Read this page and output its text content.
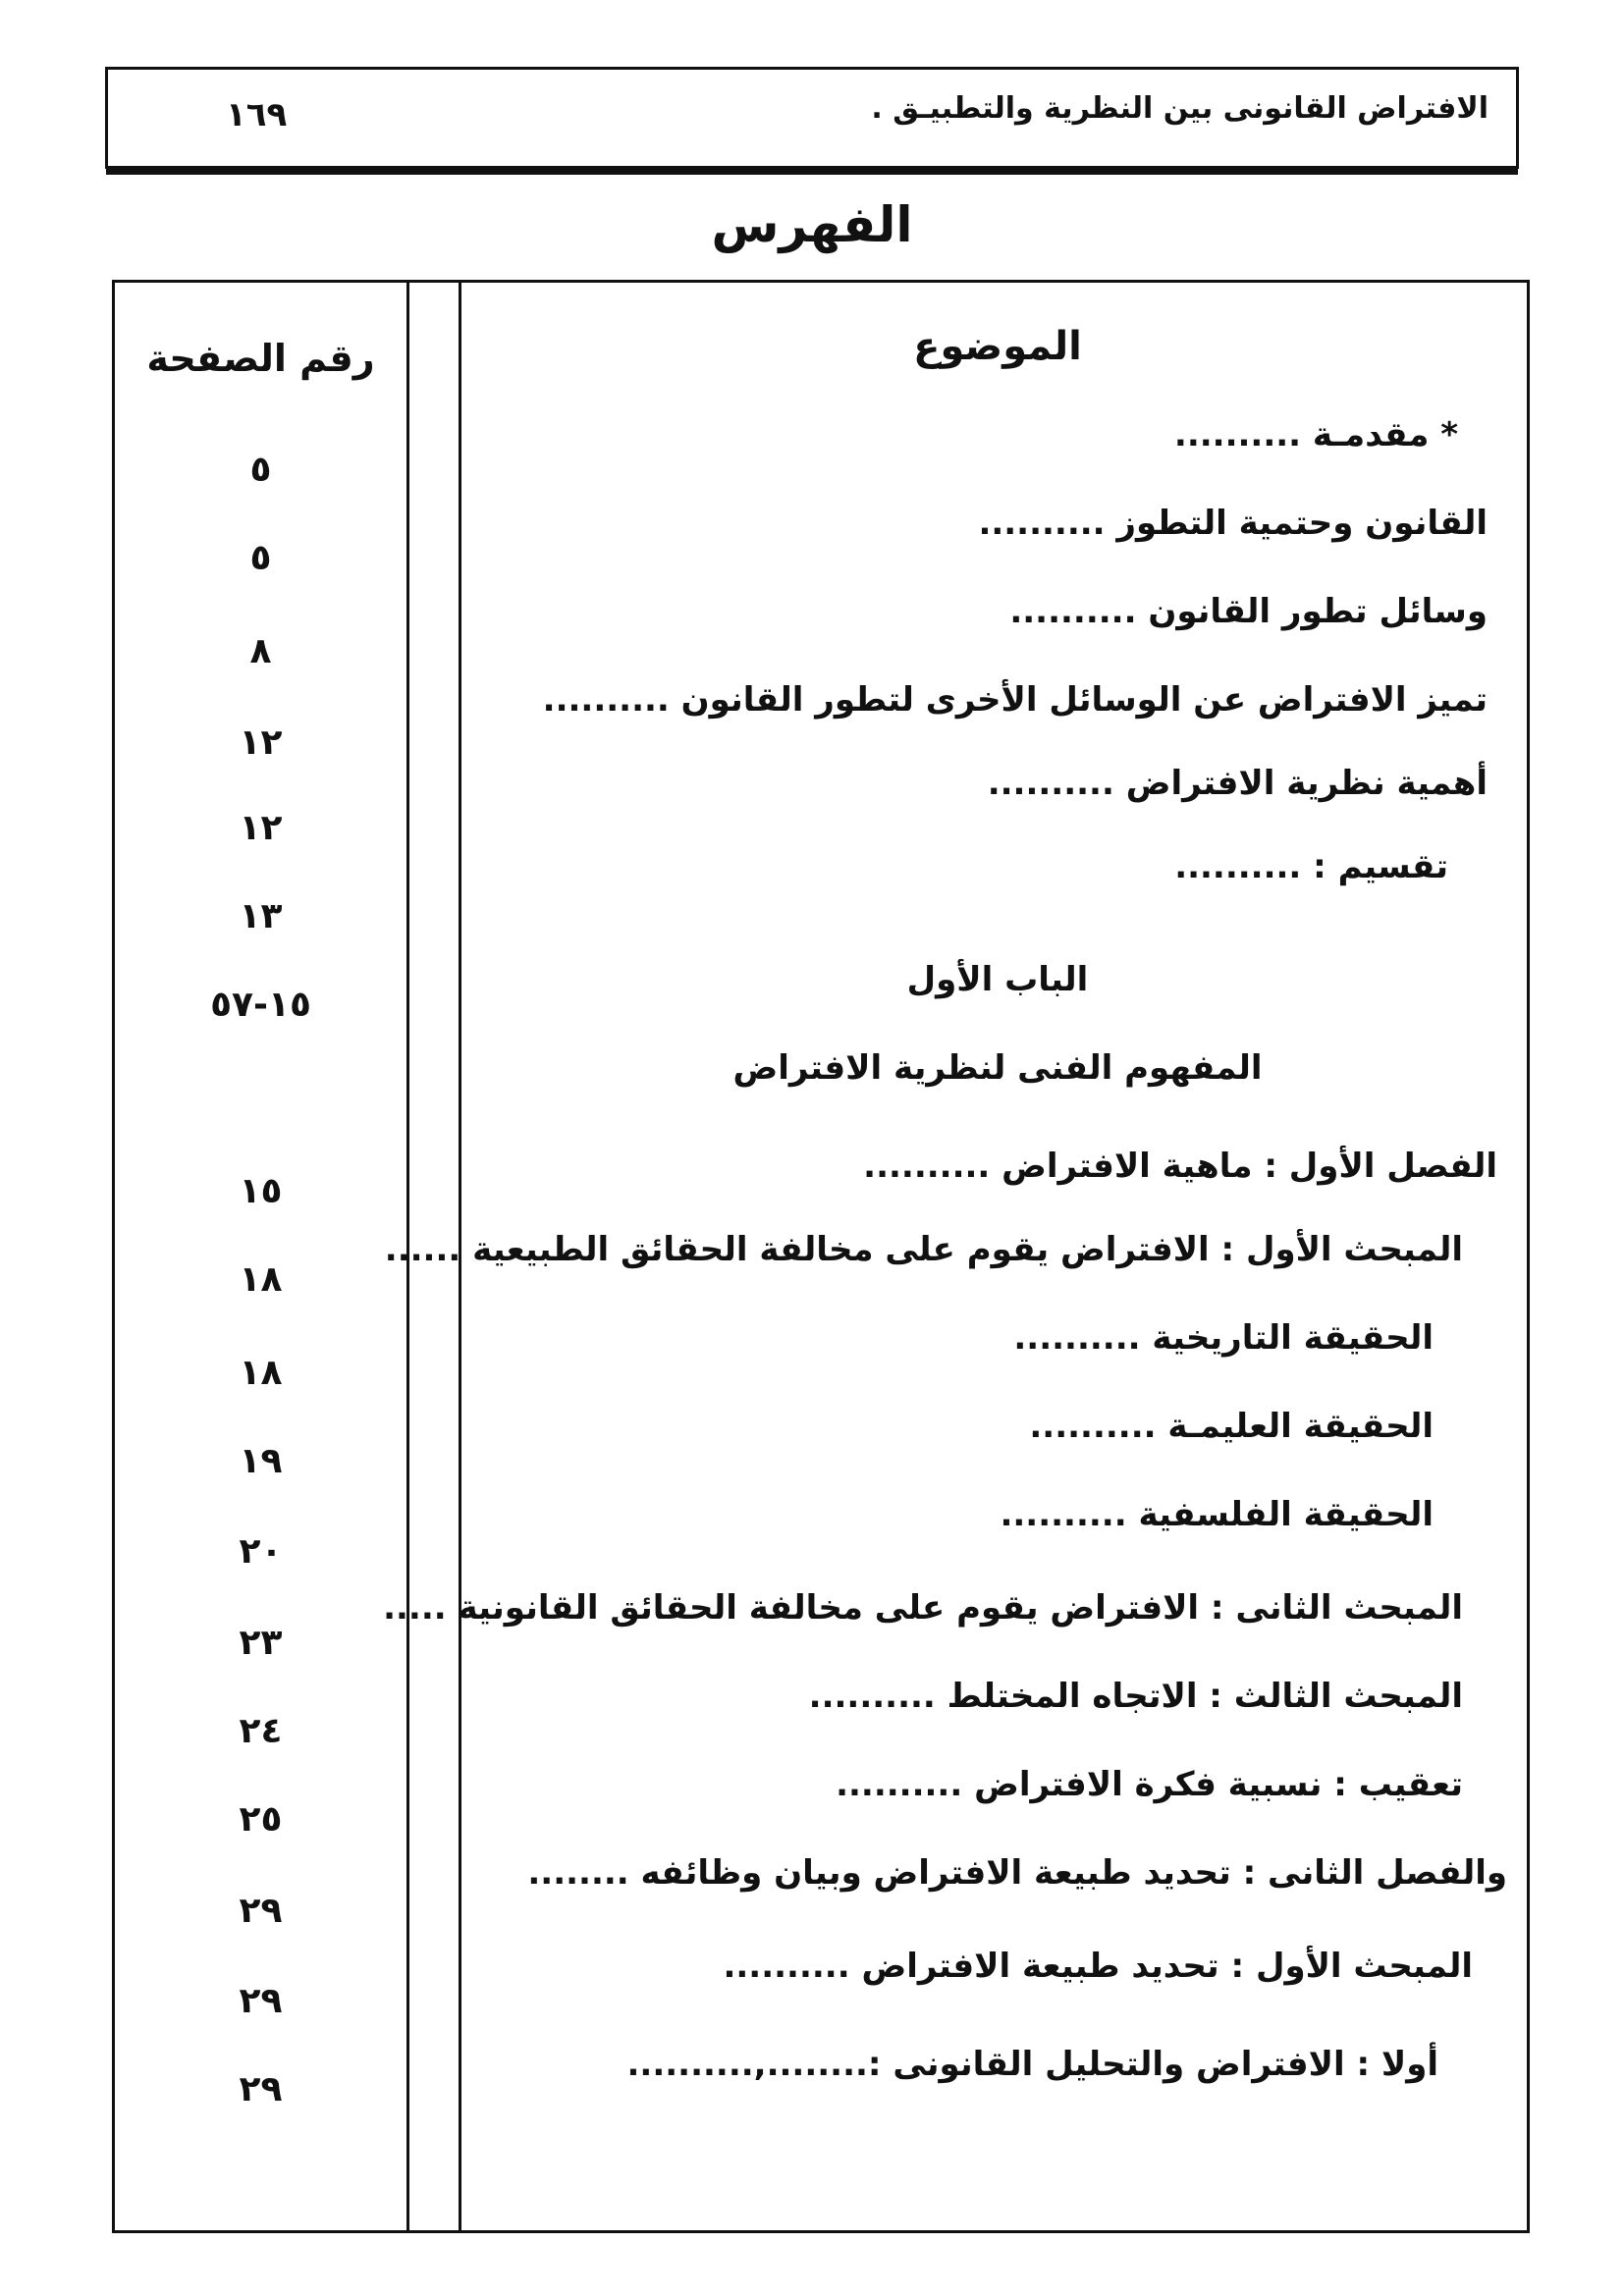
الافتراض القانونى بين النظرية والتطبيـق .
١٦٩
الفهرس
الموضوع
رقم الصفحة
* مقدمـة ..........
٥
القانون وحتمية التطوز ..........
٥
وسائل تطور القانون ..........
٨
تميز الافتراض عن الوسائل الأخرى لتطور القانون ..........
١٢
أهمية نظرية الافتراض ..........
١٢
تقسيم : ..........
١٣
الباب الأول
١٥-٥٧
المفهوم الفنى لنظرية الافتراض
الفصل الأول : ماهية الافتراض ..........
١٥
المبحث الأول : الافتراض يقوم على مخالفة الحقائق الطبيعية ......
١٨
الحقيقة التاريخية ..........
١٨
الحقيقة العليمـة ..........
١٩
الحقيقة الفلسفية ..........
٢٠
المبحث الثانى : الافتراض يقوم على مخالفة الحقائق القانونية .....
٢٣
المبحث الثالث : الاتجاه المختلط ..........
٢٤
تعقيب : نسبية فكرة الافتراض ..........
٢٥
والفصل الثانى : تحديد طبيعة الافتراض وبيان وظائفه ........
٢٩
المبحث الأول : تحديد طبيعة الافتراض ..........
٢٩
أولا : الافتراض والتحليل القانونى :........,..........
٢٩
